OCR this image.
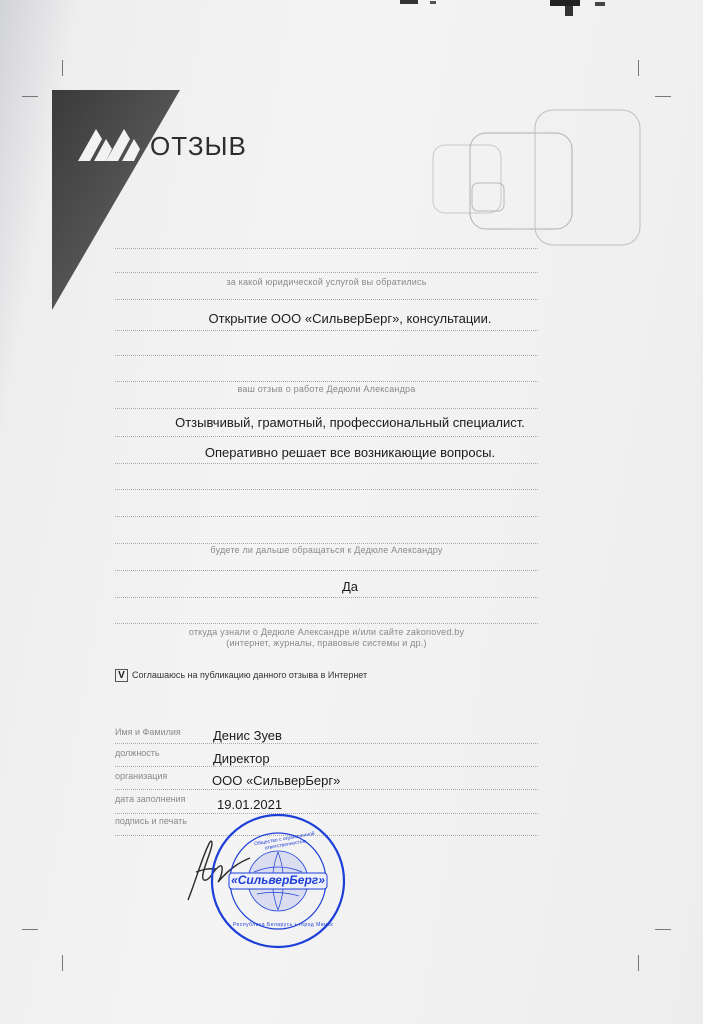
ОТЗЫВ
за какой юридической услугой вы обратились
Открытие ООО «СильверБерг», консультации.
ваш отзыв о работе Дедюли Александра
Отзывчивый, грамотный, профессиональный специалист.
Оперативно решает все возникающие вопросы.
будете ли дальше обращаться к Дедюле Александру
Да
откуда узнали о Дедюле Александре и/или сайте zakonoved.by
(интернет, журналы, правовые системы и др.)
V Соглашаюсь на публикацию данного отзыва в Интернет
Имя и Фамилия Денис Зуев
должность	Директор
организация	ООО «СильверБерг»
дата заполнения 19.01.2021
подпись и печать
«СильверБерг»
Общество с ограниченной ответственностью
Республика Беларусь • город Минск
